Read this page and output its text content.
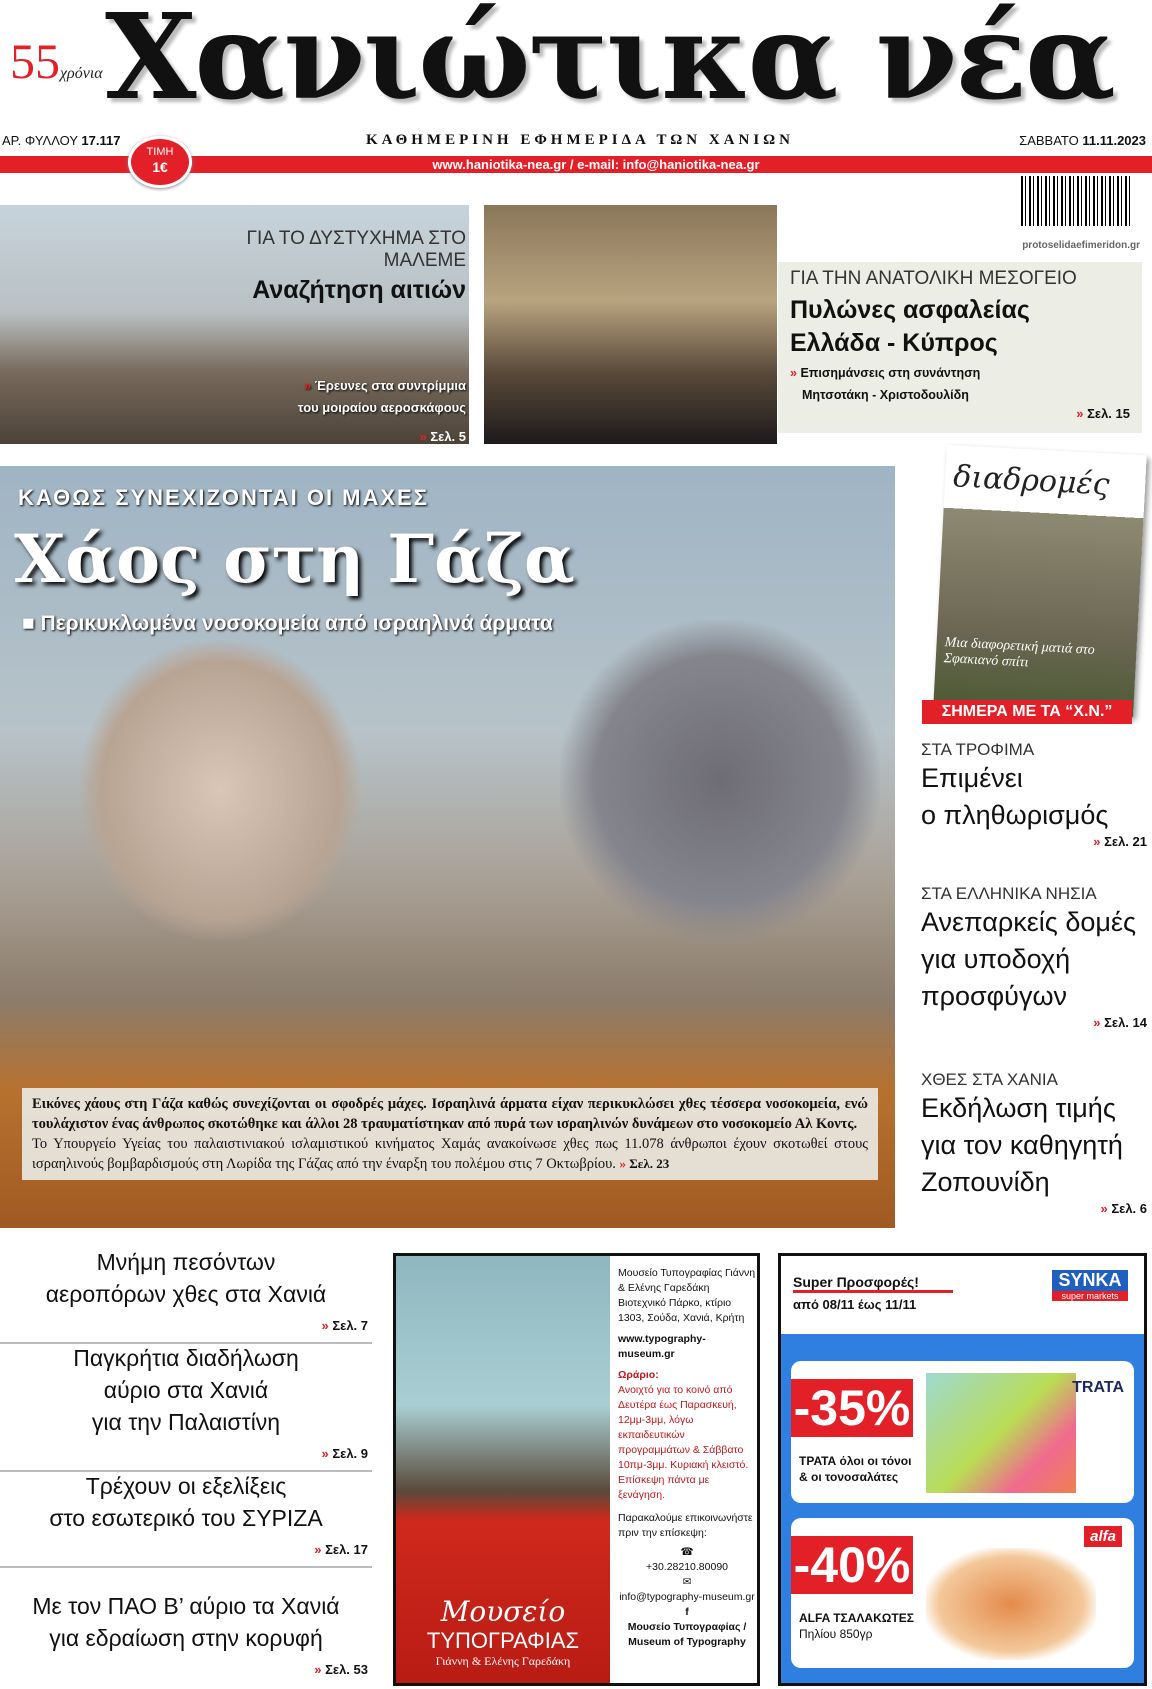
55χρόνια Χανιώτικα νέα
ΑΡ. ΦΥΛΛΟΥ 17.117	ΚΑΘΗΜΕΡΙΝΗ ΕΦΗΜΕΡΙΔΑ ΤΩΝ ΧΑΝΙΩΝ	ΣΑΒΒΑΤΟ 11.11.2023
www.haniotika-nea.gr / e-mail: info@haniotika-nea.gr
ΤΙΜΗ
1€
ΓΙΑ ΤΟ ΔΥΣΤΥΧΗΜΑ ΣΤΟ ΜΑΛΕΜΕ
Αναζήτηση αιτιών
» Έρευνες στα συντρίμμια
του μοιραίου αεροσκάφους
» Σελ. 5
protoselidaefimeridon.gr
ΓΙΑ ΤΗΝ ΑΝΑΤΟΛΙΚΗ ΜΕΣΟΓΕΙΟ
Πυλώνες ασφαλείας
Ελλάδα - Κύπρος
» Επισημάνσεις στη συνάντηση
Μητσοτάκη - Χριστοδουλίδη
» Σελ. 15
ΚΑΘΩΣ ΣΥΝΕΧΙΖΟΝΤΑΙ ΟΙ ΜΑΧΕΣ
Χάος στη Γάζα
■ Περικυκλωμένα νοσοκομεία από ισραηλινά άρματα
Εικόνες χάους στη Γάζα καθώς συνεχίζονται οι σφοδρές μάχες. Ισραηλινά άρματα είχαν περικυκλώσει χθες τέσσερα νοσοκομεία, ενώ τουλάχιστον ένας άνθρωπος σκοτώθηκε και άλλοι 28 τραυματίστηκαν από πυρά των ισραηλινών δυνάμεων στο νοσοκομείο Αλ Κοντς.
Το Υπουργείο Υγείας του παλαιστινιακού ισλαμιστικού κινήματος Χαμάς ανακοίνωσε χθες πως 11.078 άνθρωποι έχουν σκοτωθεί στους ισραηλινούς βομβαρδισμούς στη Λωρίδα της Γάζας από την έναρξη του πολέμου στις 7 Οκτωβρίου. » Σελ. 23
διαδρομές
Μια διαφορετική ματιά στο Σφακιανό σπίτι
ΣΗΜΕΡΑ ΜΕ ΤΑ “Χ.Ν.”
ΣΤΑ ΤΡΟΦΙΜΑ
Επιμένει
ο πληθωρισμός
» Σελ. 21
ΣΤΑ ΕΛΛΗΝΙΚΑ ΝΗΣΙΑ
Ανεπαρκείς δομές
για υποδοχή
προσφύγων
» Σελ. 14
ΧΘΕΣ ΣΤΑ ΧΑΝΙΑ
Εκδήλωση τιμής
για τον καθηγητή
Ζοπουνίδη
» Σελ. 6
Μνήμη πεσόντων
αεροπόρων χθες στα Χανιά
» Σελ. 7
Παγκρήτια διαδήλωση
αύριο στα Χανιά
για την Παλαιστίνη
» Σελ. 9
Τρέχουν οι εξελίξεις
στο εσωτερικό του ΣΥΡΙΖΑ
» Σελ. 17
Με τον ΠΑΟ Β’ αύριο τα Χανιά
για εδραίωση στην κορυφή
» Σελ. 53
Μουσείο
ΤΥΠΟΓΡΑΦΙΑΣ
Γιάννη & Ελένης Γαρεδάκη
Μουσείο Τυπογραφίας Γιάννη & Ελένης Γαρεδάκη Βιοτεχνικό Πάρκο, κτίριο 1303, Σούδα, Χανιά, Κρήτη
www.typography-museum.gr
Ωράριο:
Ανοιχτό για το κοινό από Δευτέρα έως Παρασκευή, 12μμ-3μμ, λόγω εκπαιδευτικών προγραμμάτων & Σάββατο 10πμ-3μμ. Κυριακή κλειστό. Επίσκεψη πάντα με ξενάγηση.
Παρακαλούμε επικοινωνήστε πριν την επίσκεψη:
☎
+30.28210.80090
✉
info@typography-museum.gr
f
Μουσείο Τυπογραφίας / Museum of Typography
Super Προσφορές!
από 08/11 έως 11/11
SYNKA
super markets
-35%	TRATA
ΤΡΑΤΑ όλοι οι τόνοι
& οι τονοσαλάτες
-40%
alfa
ALFA ΤΣΑΛΑΚΩΤΕΣ
Πηλίου 850γρ
